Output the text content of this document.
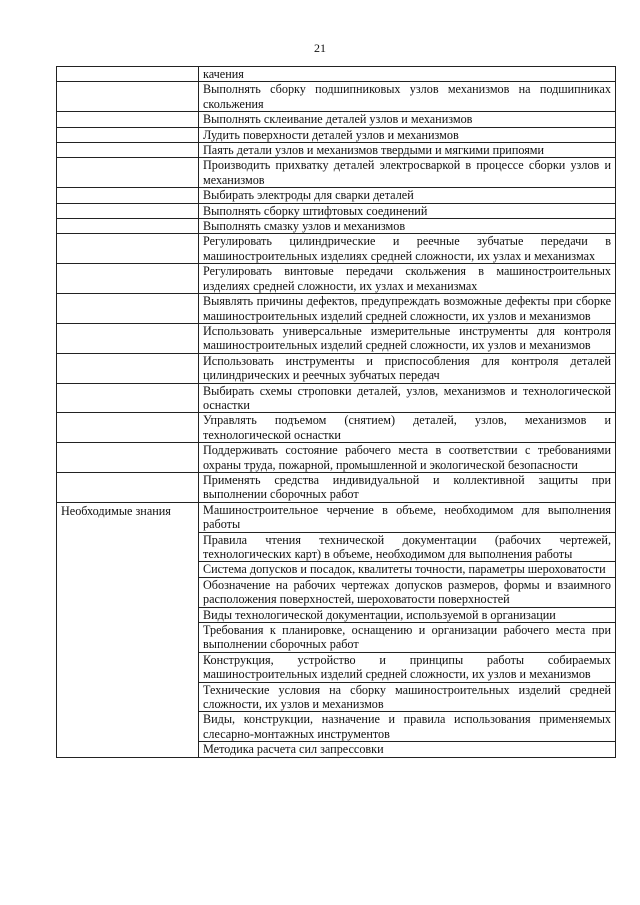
21
	качения
	Выполнять сборку подшипниковых узлов механизмов на подшипниках скольжения
	Выполнять склеивание деталей узлов и механизмов
	Лудить поверхности деталей узлов и механизмов
	Паять детали узлов и механизмов твердыми и мягкими припоями
	Производить прихватку деталей электросваркой в процессе сборки узлов и механизмов
	Выбирать электроды для сварки деталей
	Выполнять сборку штифтовых соединений
	Выполнять смазку узлов и механизмов
	Регулировать цилиндрические и реечные зубчатые передачи в машиностроительных изделиях средней сложности, их узлах и механизмах
	Регулировать винтовые передачи скольжения в машиностроительных изделиях средней сложности, их узлах и механизмах
	Выявлять причины дефектов, предупреждать возможные дефекты при сборке машиностроительных изделий средней сложности, их узлов и механизмов
	Использовать универсальные измерительные инструменты для контроля машиностроительных изделий средней сложности, их узлов и механизмов
	Использовать инструменты и приспособления для контроля деталей цилиндрических и реечных зубчатых передач
	Выбирать схемы строповки деталей, узлов, механизмов и технологической оснастки
	Управлять подъемом (снятием) деталей, узлов, механизмов и технологической оснастки
	Поддерживать состояние рабочего места в соответствии с требованиями охраны труда, пожарной, промышленной и экологической безопасности
	Применять средства индивидуальной и коллективной защиты при выполнении сборочных работ

Необходимые знания	Машиностроительное черчение в объеме, необходимом для выполнения работы
	Правила чтения технической документации (рабочих чертежей, технологических карт) в объеме, необходимом для выполнения работы
	Система допусков и посадок, квалитеты точности, параметры шероховатости
	Обозначение на рабочих чертежах допусков размеров, формы и взаимного расположения поверхностей, шероховатости поверхностей
	Виды технологической документации, используемой в организации
	Требования к планировке, оснащению и организации рабочего места при выполнении сборочных работ
	Конструкция, устройство и принципы работы собираемых машиностроительных изделий средней сложности, их узлов и механизмов
	Технические условия на сборку машиностроительных изделий средней сложности, их узлов и механизмов
	Виды, конструкции, назначение и правила использования применяемых слесарно-монтажных инструментов
	Методика расчета сил запрессовки
